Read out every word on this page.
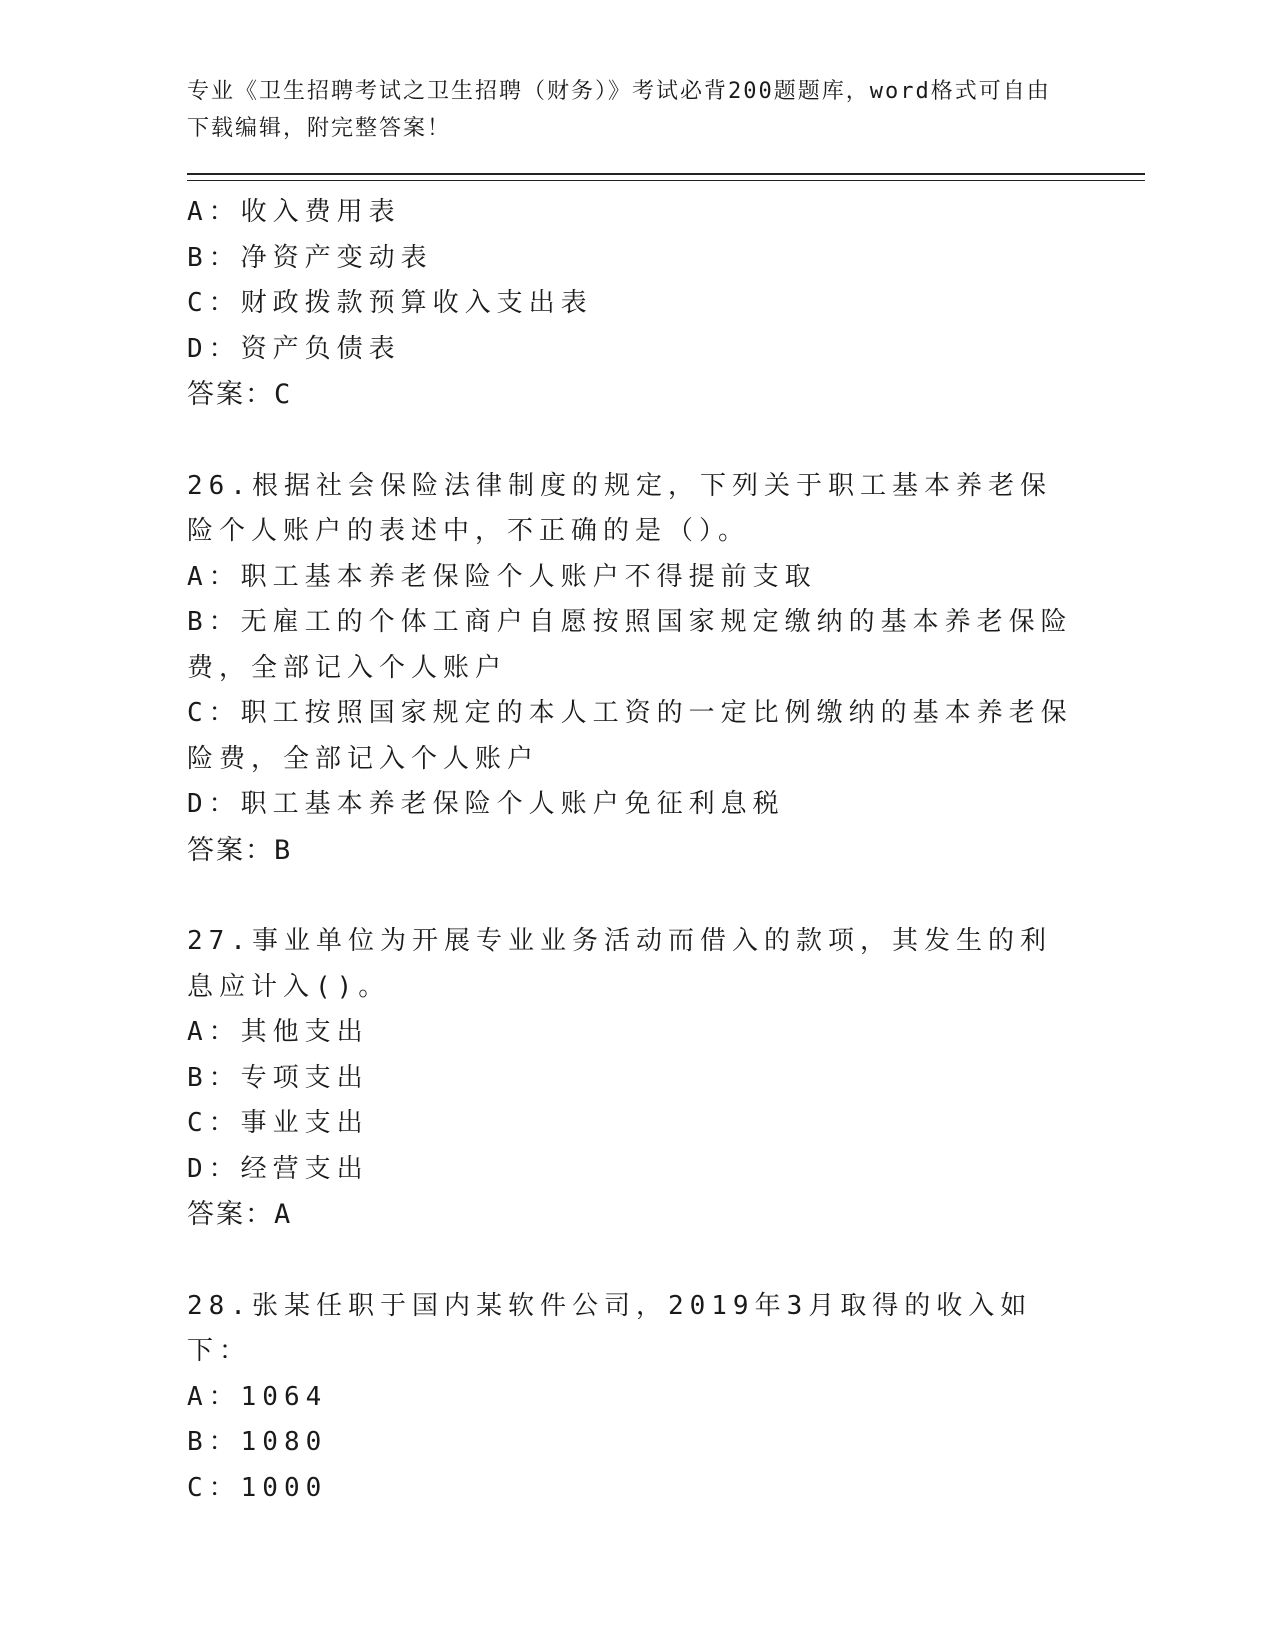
专业《卫生招聘考试之卫生招聘（财务）》考试必背200题题库，word格式可自由下载编辑，附完整答案！
A：收入费用表
B：净资产变动表
C：财政拨款预算收入支出表
D：资产负债表
答案：C
26.根据社会保险法律制度的规定，下列关于职工基本养老保险个人账户的表述中，不正确的是（）。
A：职工基本养老保险个人账户不得提前支取
B：无雇工的个体工商户自愿按照国家规定缴纳的基本养老保险费，全部记入个人账户
C：职工按照国家规定的本人工资的一定比例缴纳的基本养老保险费，全部记入个人账户
D：职工基本养老保险个人账户免征利息税
答案：B
27.事业单位为开展专业业务活动而借入的款项，其发生的利息应计入()。
A：其他支出
B：专项支出
C：事业支出
D：经营支出
答案：A
28.张某任职于国内某软件公司，2019年3月取得的收入如下：
A：1064
B：1080
C：1000
